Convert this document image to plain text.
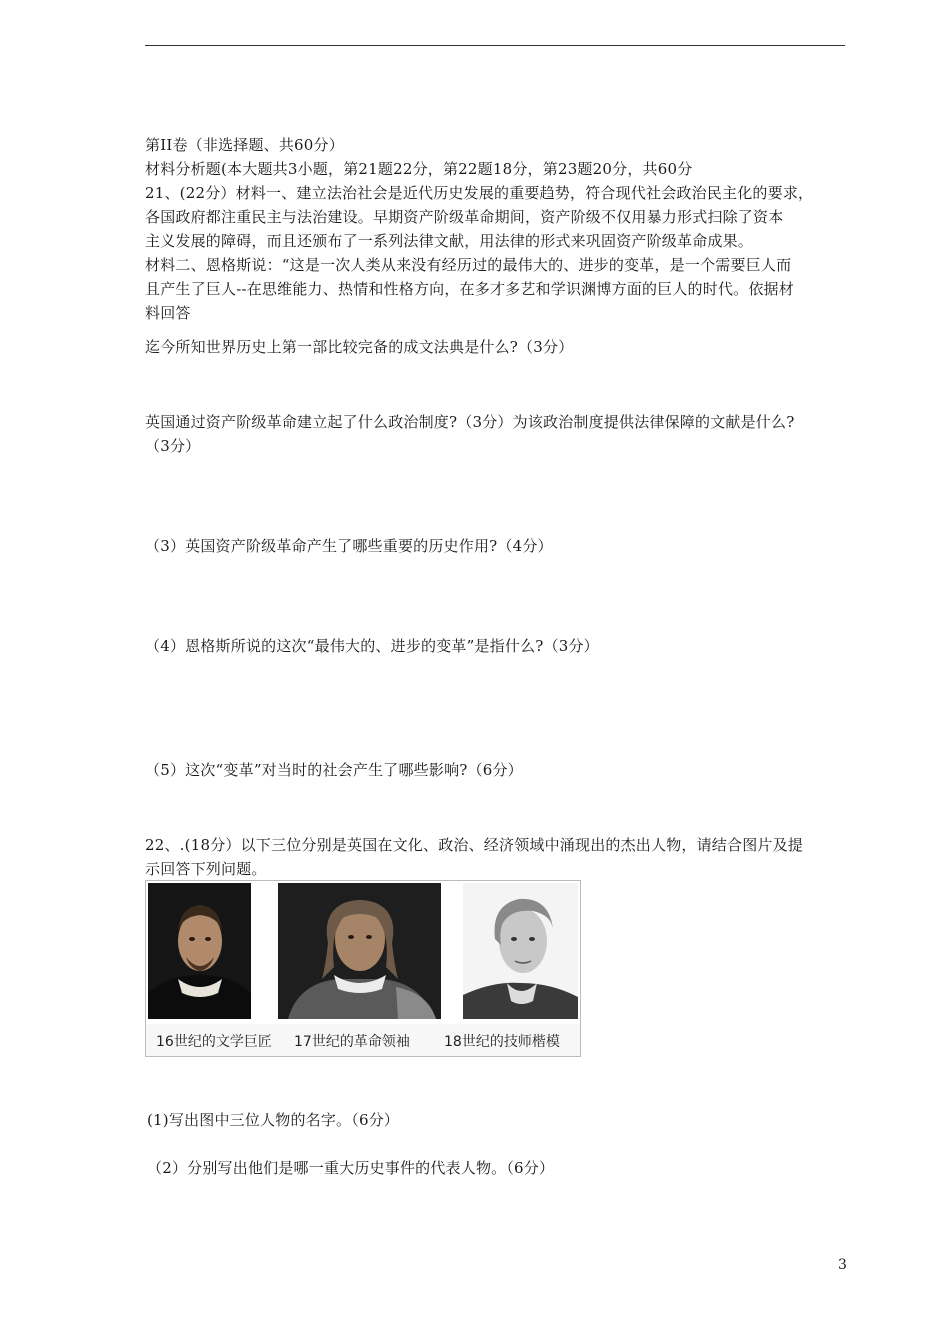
第II卷（非选择题、共60分）
材料分析题(本大题共3小题，第21题22分，第22题18分，第23题20分，共60分
21、(22分）材料一、建立法治社会是近代历史发展的重要趋势，符合现代社会政治民主化的要求，
各国政府都注重民主与法治建设。早期资产阶级革命期间，资产阶级不仅用暴力形式扫除了资本
主义发展的障碍，而且还颁布了一系列法律文献，用法律的形式来巩固资产阶级革命成果。
材料二、恩格斯说：“这是一次人类从来没有经历过的最伟大的、进步的变革，是一个需要巨人而
且产生了巨人--在思维能力、热情和性格方向，在多才多艺和学识渊博方面的巨人的时代。依据材
料回答
迄今所知世界历史上第一部比较完备的成文法典是什么?（3分）
英国通过资产阶级革命建立起了什么政治制度?（3分）为该政治制度提供法律保障的文献是什么?
（3分）
（3）英国资产阶级革命产生了哪些重要的历史作用?（4分）
（4）恩格斯所说的这次“最伟大的、进步的变革”是指什么?（3分）
（5）这次“变革”对当时的社会产生了哪些影响?（6分）
22、.(18分）以下三位分别是英国在文化、政治、经济领域中涌现出的杰出人物，请结合图片及提
示回答下列问题。
16世纪的文学巨匠 17世纪的革命领袖 18世纪的技师楷模
(1)写出图中三位人物的名字。（6分）
（2）分别写出他们是哪一重大历史事件的代表人物。（6分）
3
